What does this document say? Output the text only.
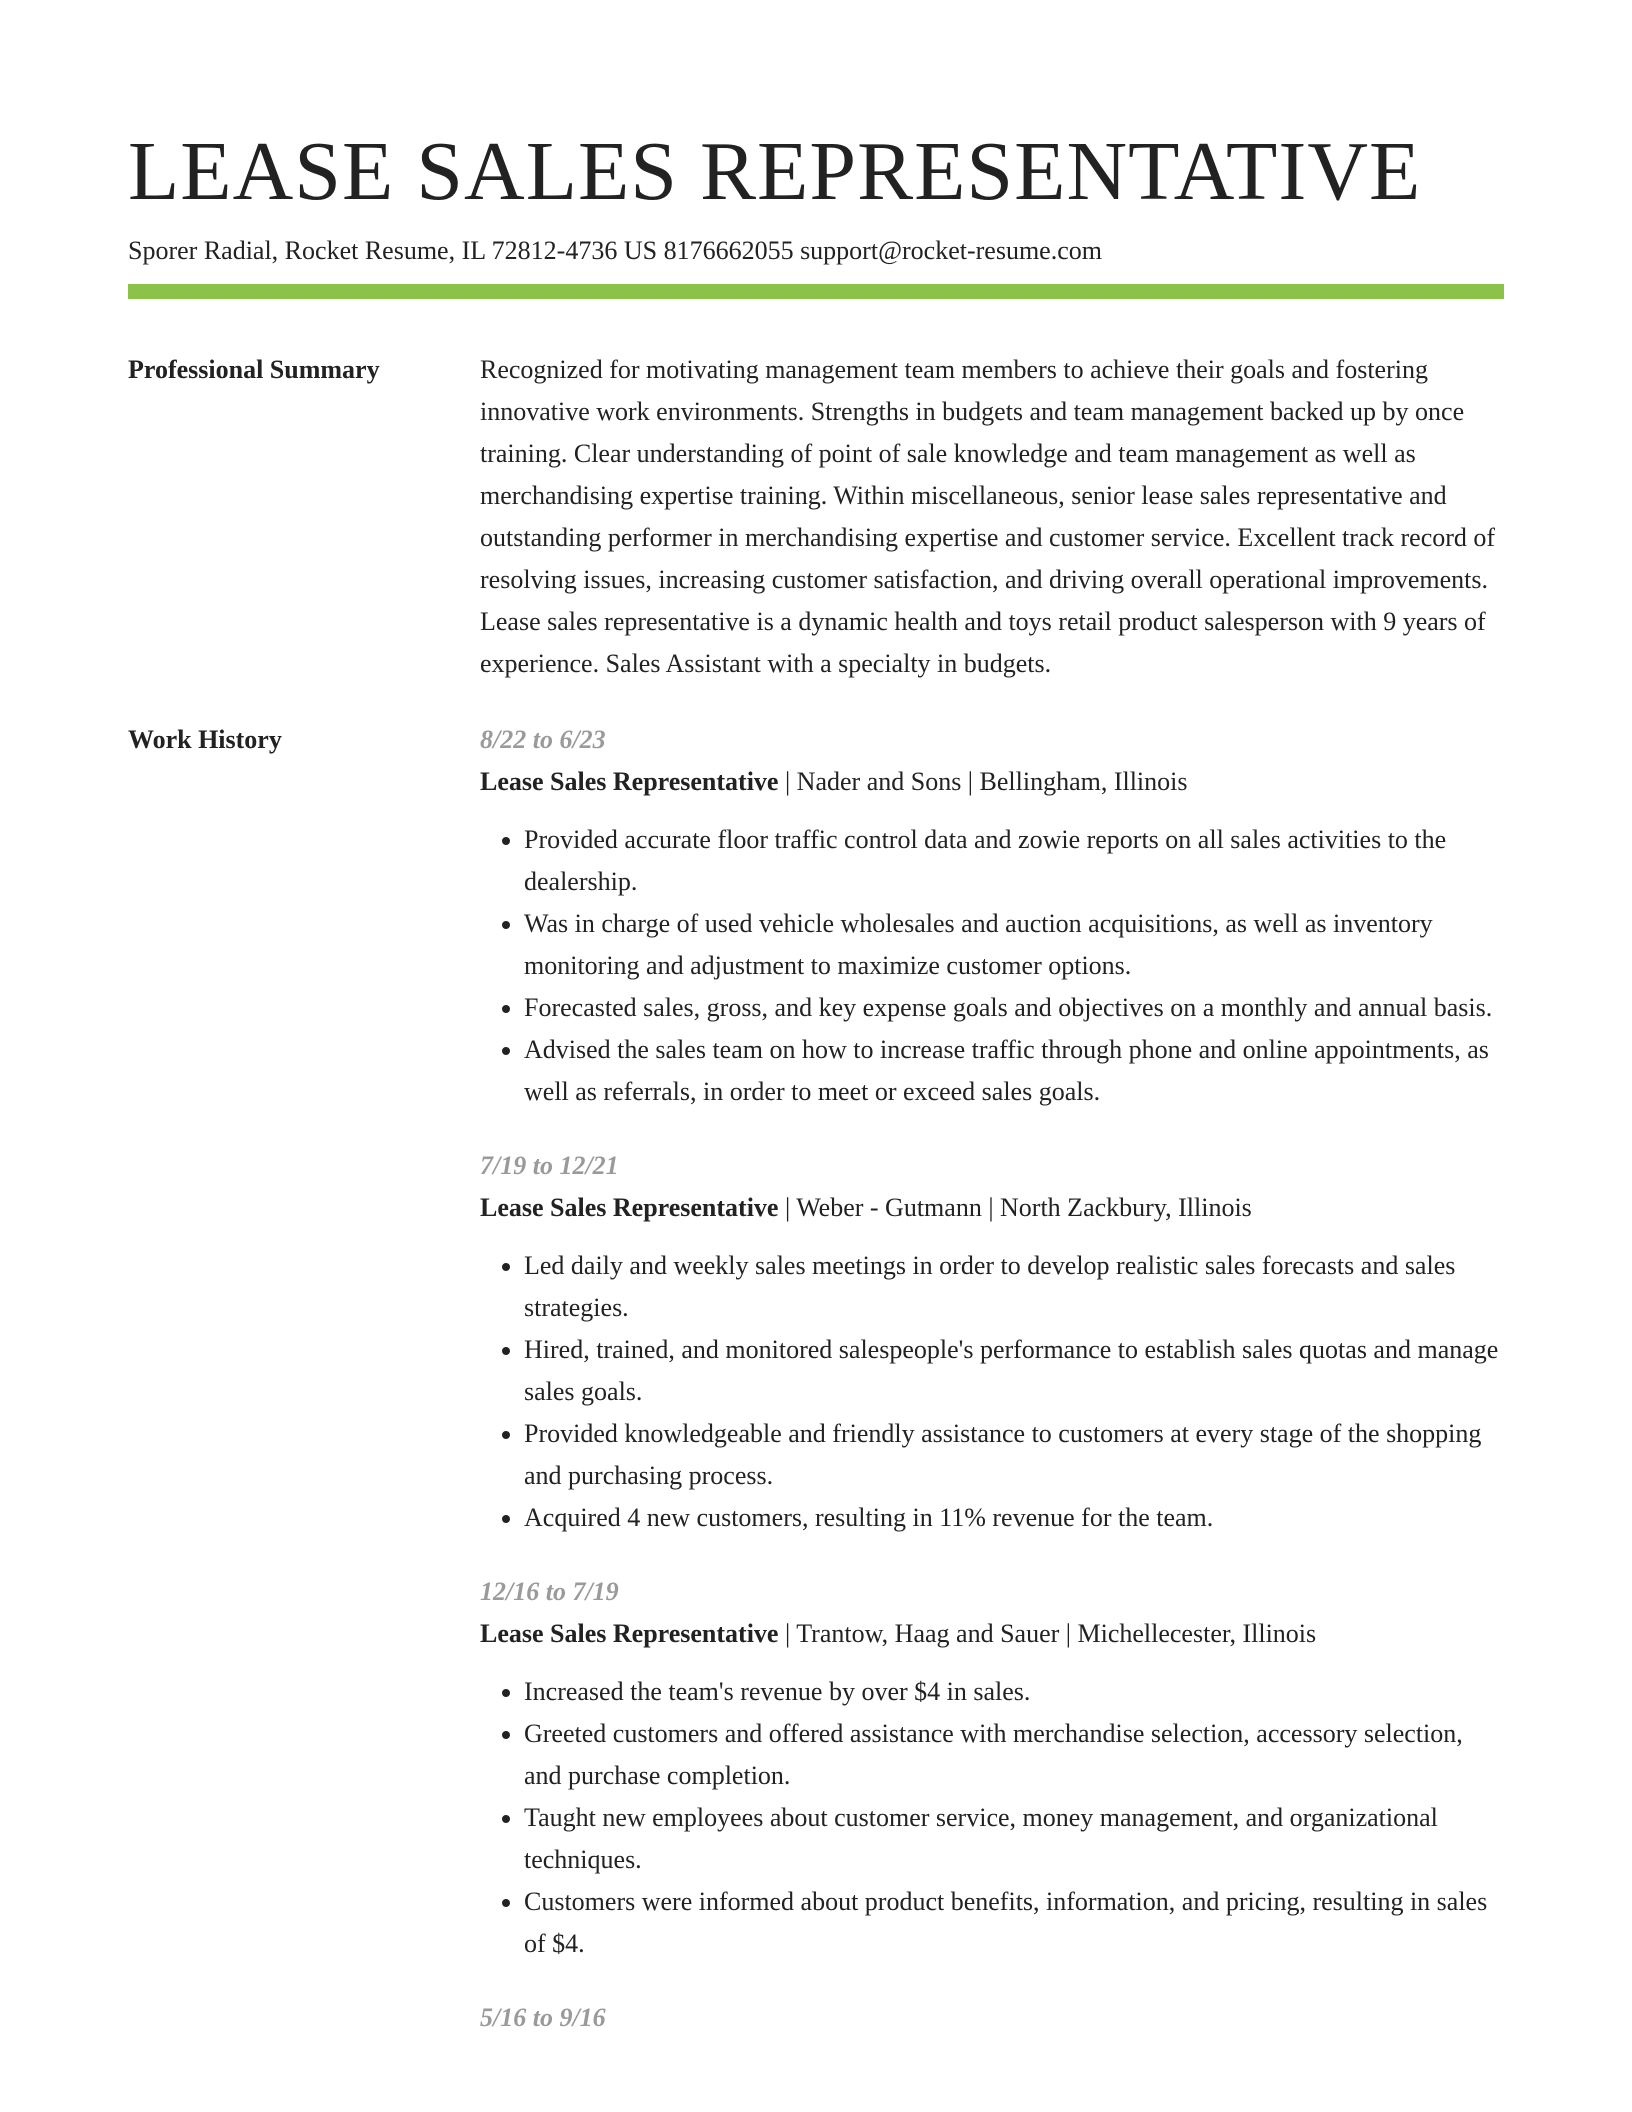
LEASE SALES REPRESENTATIVE
Sporer Radial, Rocket Resume, IL 72812-4736 US 8176662055 support@rocket-resume.com
Professional Summary	Recognized for motivating management team members to achieve their goals and fostering innovative work environments. Strengths in budgets and team management backed up by once training. Clear understanding of point of sale knowledge and team management as well as merchandising expertise training. Within miscellaneous, senior lease sales representative and outstanding performer in merchandising expertise and customer service. Excellent track record of resolving issues, increasing customer satisfaction, and driving overall operational improvements. Lease sales representative is a dynamic health and toys retail product salesperson with 9 years of experience. Sales Assistant with a specialty in budgets.

Work History	8/22 to 6/23
Lease Sales Representative | Nader and Sons | Bellingham, Illinois
• Provided accurate floor traffic control data and zowie reports on all sales activities to the dealership.
• Was in charge of used vehicle wholesales and auction acquisitions, as well as inventory monitoring and adjustment to maximize customer options.
• Forecasted sales, gross, and key expense goals and objectives on a monthly and annual basis.
• Advised the sales team on how to increase traffic through phone and online appointments, as well as referrals, in order to meet or exceed sales goals.
7/19 to 12/21
Lease Sales Representative | Weber - Gutmann | North Zackbury, Illinois
• Led daily and weekly sales meetings in order to develop realistic sales forecasts and sales strategies.
• Hired, trained, and monitored salespeople's performance to establish sales quotas and manage sales goals.
• Provided knowledgeable and friendly assistance to customers at every stage of the shopping and purchasing process.
• Acquired 4 new customers, resulting in 11% revenue for the team.
12/16 to 7/19
Lease Sales Representative | Trantow, Haag and Sauer | Michellecester, Illinois
• Increased the team's revenue by over $4 in sales.
• Greeted customers and offered assistance with merchandise selection, accessory selection, and purchase completion.
• Taught new employees about customer service, money management, and organizational techniques.
• Customers were informed about product benefits, information, and pricing, resulting in sales of $4.
5/16 to 9/16
